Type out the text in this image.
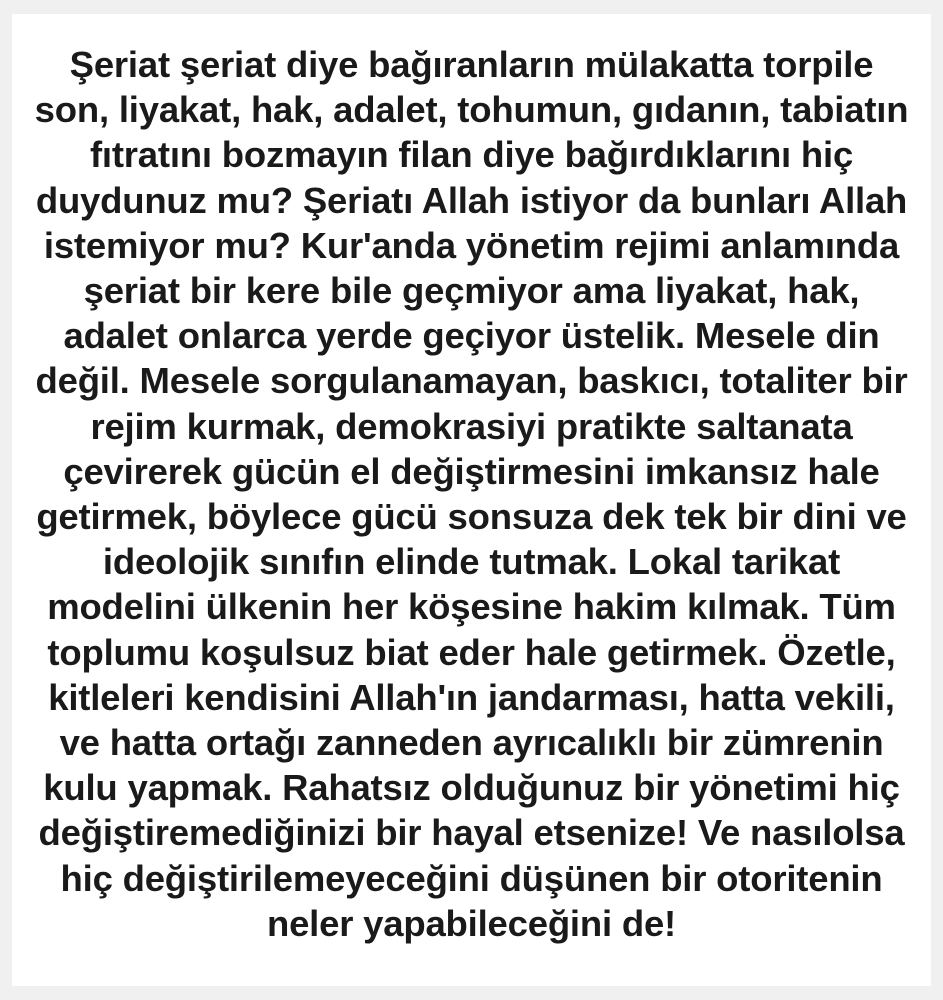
Şeriat şeriat diye bağıranların mülakatta torpile
son, liyakat, hak, adalet, tohumun, gıdanın, tabiatın
fıtratını bozmayın filan diye bağırdıklarını hiç
duydunuz mu? Şeriatı Allah istiyor da bunları Allah
istemiyor mu? Kur'anda yönetim rejimi anlamında
şeriat bir kere bile geçmiyor ama liyakat, hak,
adalet onlarca yerde geçiyor üstelik. Mesele din
değil. Mesele sorgulanamayan, baskıcı, totaliter bir
rejim kurmak, demokrasiyi pratikte saltanata
çevirerek gücün el değiştirmesini imkansız hale
getirmek, böylece gücü sonsuza dek tek bir dini ve
ideolojik sınıfın elinde tutmak. Lokal tarikat
modelini ülkenin her köşesine hakim kılmak. Tüm
toplumu koşulsuz biat eder hale getirmek. Özetle,
kitleleri kendisini Allah'ın jandarması, hatta vekili,
ve hatta ortağı zanneden ayrıcalıklı bir zümrenin
kulu yapmak. Rahatsız olduğunuz bir yönetimi hiç
değiştiremediğinizi bir hayal etsenize! Ve nasılolsa
hiç değiştirilemeyeceğini düşünen bir otoritenin
neler yapabileceğini de!
